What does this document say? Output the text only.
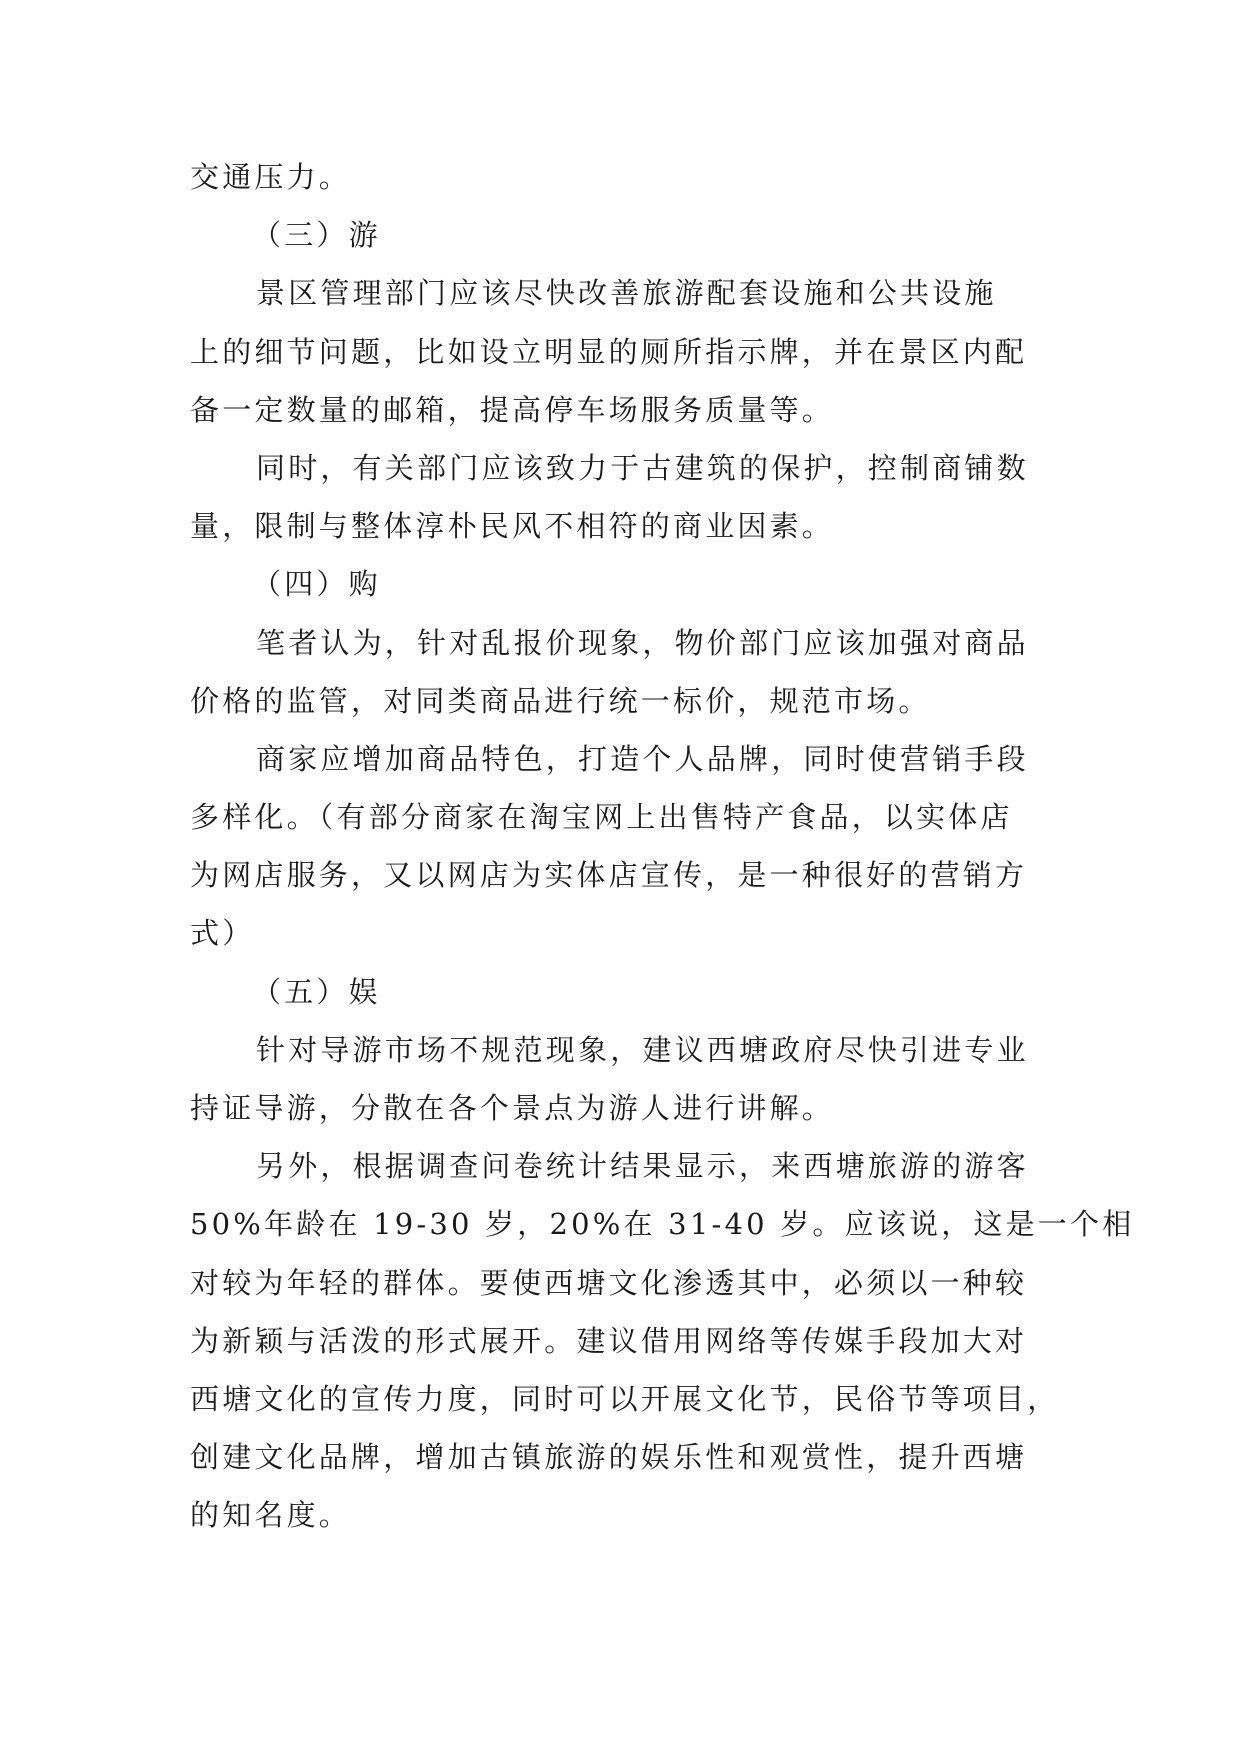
交通压力。
（三）游
景区管理部门应该尽快改善旅游配套设施和公共设施
上的细节问题，比如设立明显的厕所指示牌，并在景区内配
备一定数量的邮箱，提高停车场服务质量等。
同时，有关部门应该致力于古建筑的保护，控制商铺数
量，限制与整体淳朴民风不相符的商业因素。
（四）购
笔者认为，针对乱报价现象，物价部门应该加强对商品
价格的监管，对同类商品进行统一标价，规范市场。
商家应增加商品特色，打造个人品牌，同时使营销手段
多样化。（有部分商家在淘宝网上出售特产食品，以实体店
为网店服务，又以网店为实体店宣传，是一种很好的营销方
式）
（五）娱
针对导游市场不规范现象，建议西塘政府尽快引进专业
持证导游，分散在各个景点为游人进行讲解。
另外，根据调查问卷统计结果显示，来西塘旅游的游客
50%年龄在 19-30 岁，20%在 31-40 岁。应该说，这是一个相
对较为年轻的群体。要使西塘文化渗透其中，必须以一种较
为新颖与活泼的形式展开。建议借用网络等传媒手段加大对
西塘文化的宣传力度，同时可以开展文化节，民俗节等项目，
创建文化品牌，增加古镇旅游的娱乐性和观赏性，提升西塘
的知名度。
